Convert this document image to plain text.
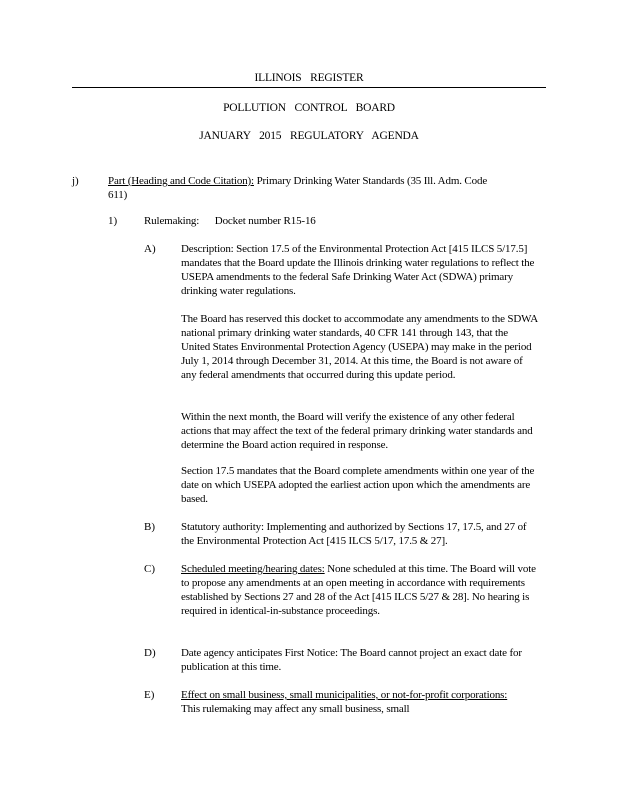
ILLINOIS REGISTER
POLLUTION CONTROL BOARD
JANUARY 2015 REGULATORY AGENDA
j)	Part (Heading and Code Citation): Primary Drinking Water Standards (35 Ill. Adm. Code 611)
1) Rulemaking:      Docket number R15-16
A) Description: Section 17.5 of the Environmental Protection Act [415 ILCS 5/17.5] mandates that the Board update the Illinois drinking water regulations to reflect the USEPA amendments to the federal Safe Drinking Water Act (SDWA) primary drinking water regulations.

The Board has reserved this docket to accommodate any amendments to the SDWA national primary drinking water standards, 40 CFR 141 through 143, that the United States Environmental Protection Agency (USEPA) may make in the period July 1, 2014 through December 31, 2014. At this time, the Board is not aware of any federal amendments that occurred during this update period.

Within the next month, the Board will verify the existence of any other federal actions that may affect the text of the federal primary drinking water standards and determine the Board action required in response.

Section 17.5 mandates that the Board complete amendments within one year of the date on which USEPA adopted the earliest action upon which the amendments are based.

B) Statutory authority: Implementing and authorized by Sections 17, 17.5, and 27 of the Environmental Protection Act [415 ILCS 5/17, 17.5 & 27].
C) Scheduled meeting/hearing dates: None scheduled at this time. The Board will vote to propose any amendments at an open meeting in accordance with requirements established by Sections 27 and 28 of the Act [415 ILCS 5/27 & 28]. No hearing is required in identical-in-substance proceedings.
D) Date agency anticipates First Notice: The Board cannot project an exact date for publication at this time.
E) Effect on small business, small municipalities, or not-for-profit corporations: This rulemaking may affect any small business, small
